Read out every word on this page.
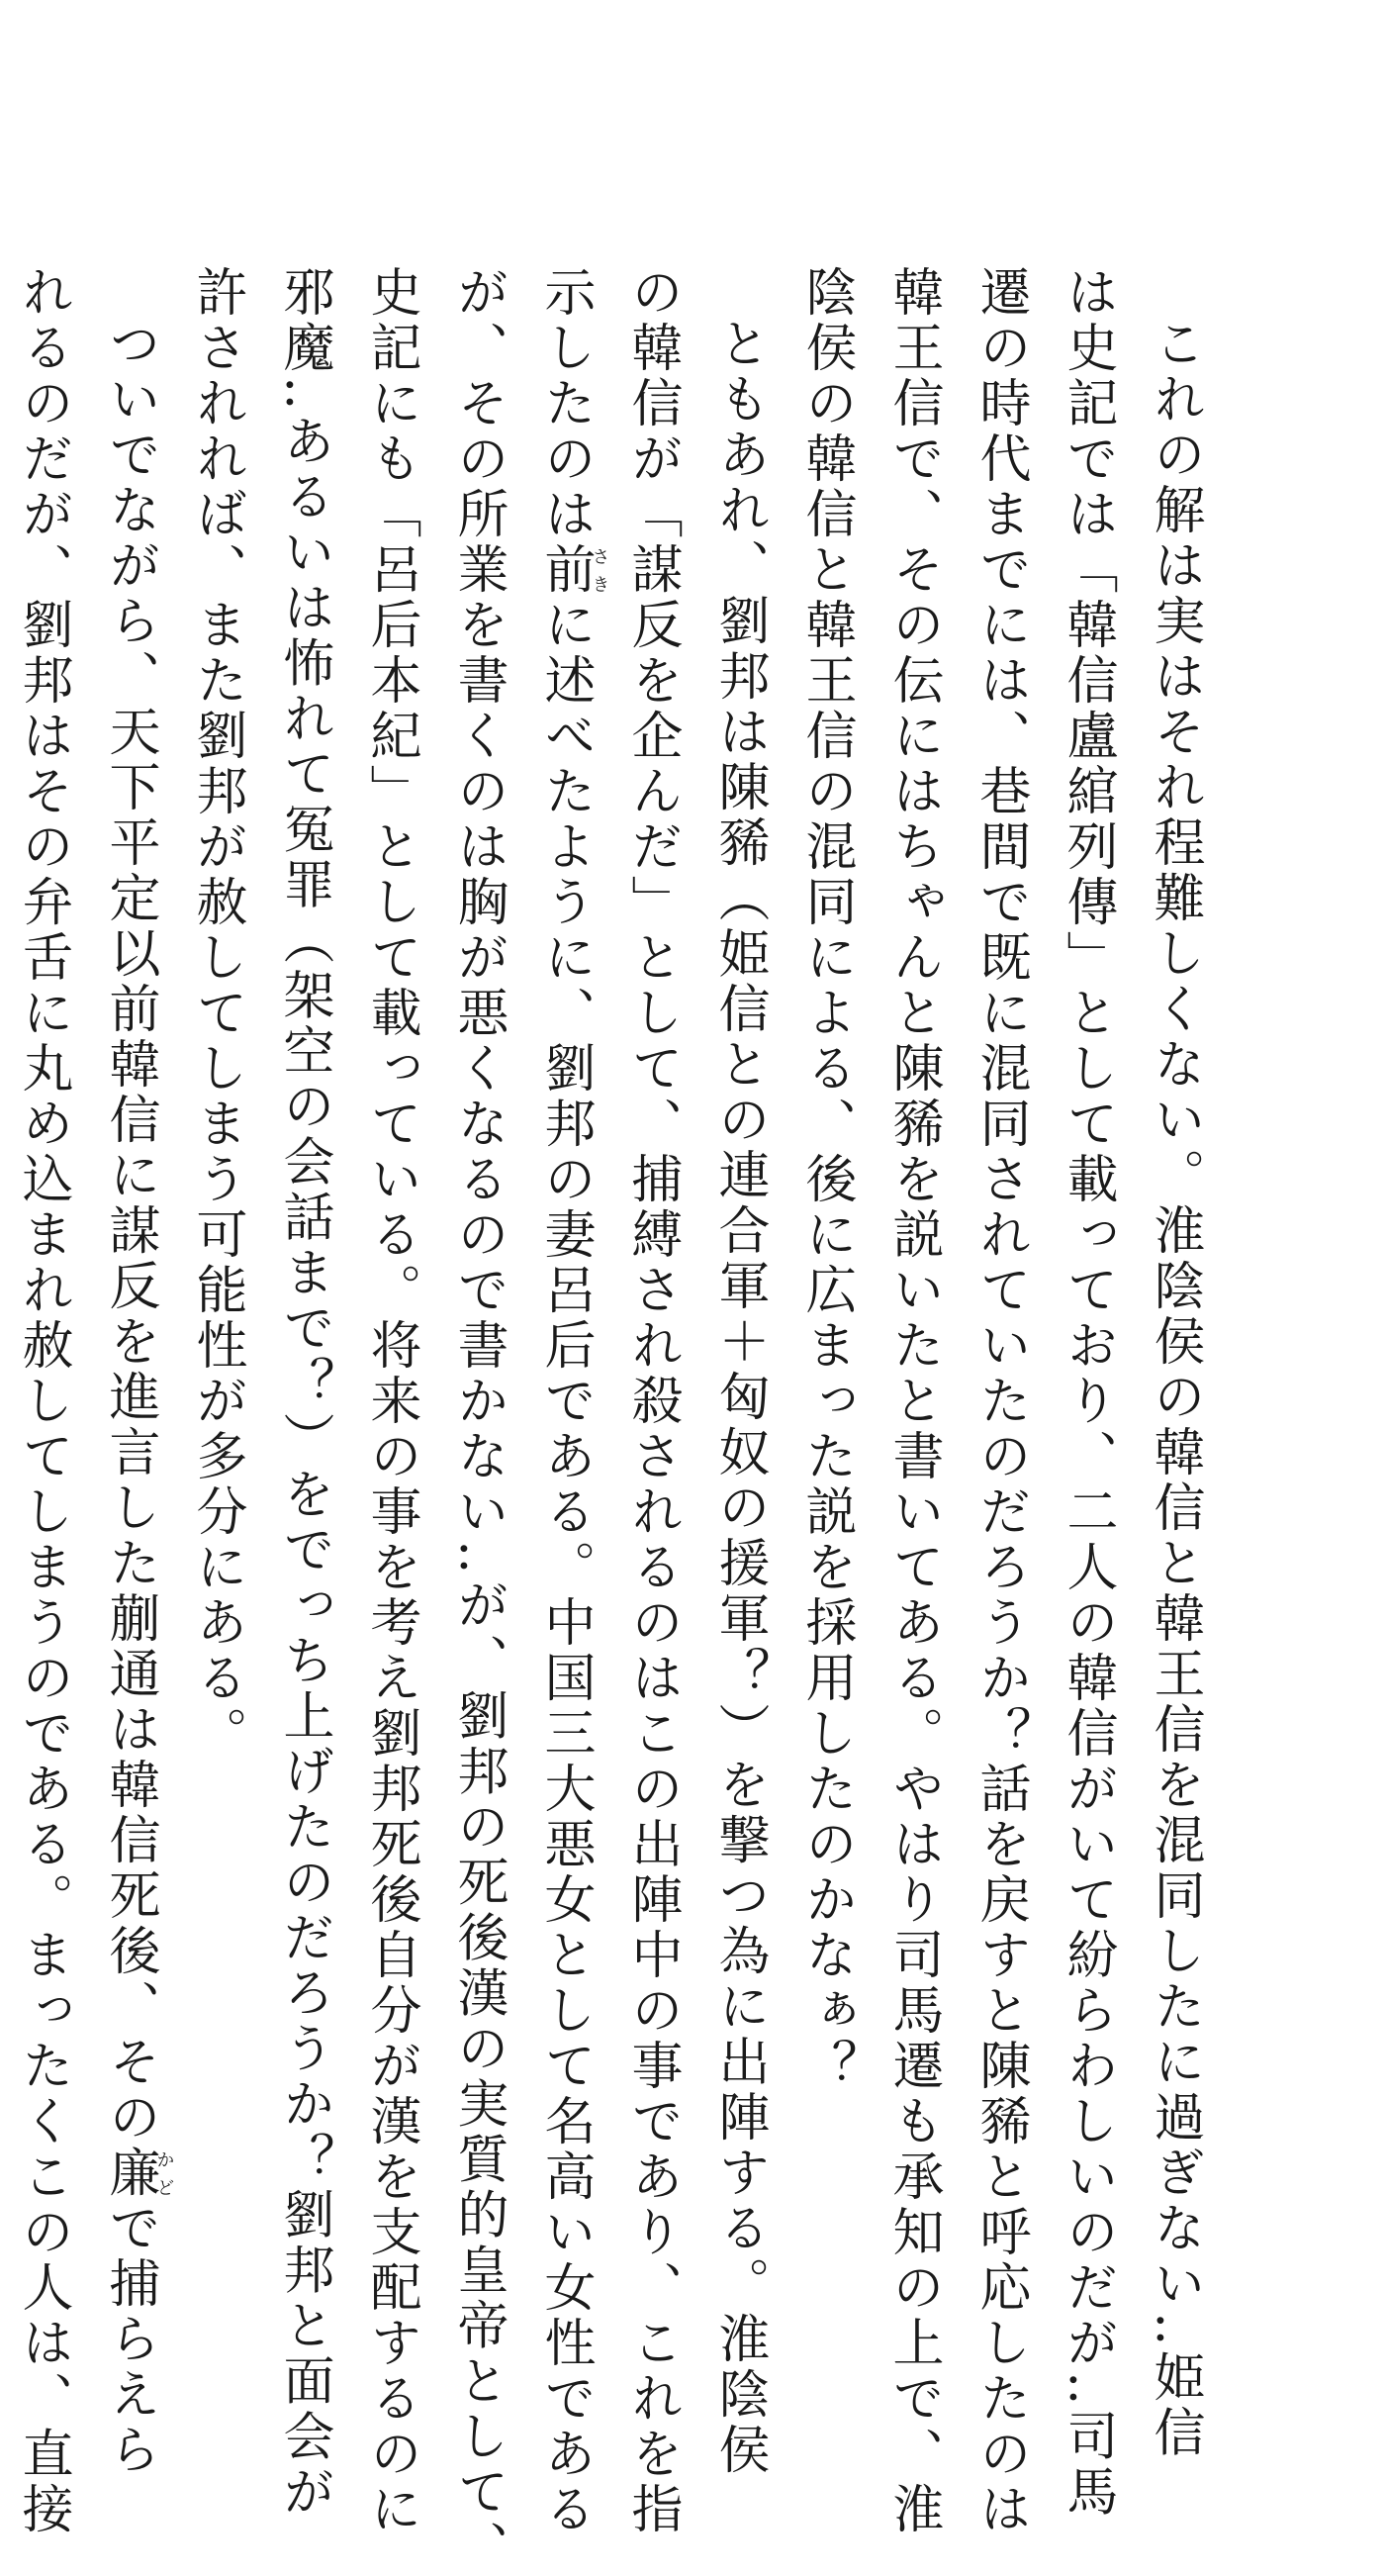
これの解は実はそれ程難しくない。淮陰侯の韓信と韓王信を混同したに過ぎない‥姫信
は史記では「韓信盧綰列傳」として載っており、二人の韓信がいて紛らわしいのだが‥司馬
遷の時代までには、巷間で既に混同されていたのだろうか？話を戻すと陳豨と呼応したのは
韓王信で、その伝にはちゃんと陳豨を説いたと書いてある。やはり司馬遷も承知の上で、淮
陰侯の韓信と韓王信の混同による、後に広まった説を採用したのかなぁ？
ともあれ、劉邦は陳豨（姫信との連合軍＋匈奴の援軍？）を撃つ為に出陣する。淮陰侯
の韓信が「謀反を企んだ」として、捕縛され殺されるのはこの出陣中の事であり、これを指
示したのは前さきに述べたように、劉邦の妻呂后である。中国三大悪女として名高い女性である
が、その所業を書くのは胸が悪くなるので書かない‥が、劉邦の死後漢の実質的皇帝として、
史記にも「呂后本紀」として載っている。将来の事を考え劉邦死後自分が漢を支配するのに
邪魔‥あるいは怖れて冤罪（架空の会話まで？）をでっち上げたのだろうか？劉邦と面会が
許されれば、また劉邦が赦してしまう可能性が多分にある。
ついでながら、天下平定以前韓信に謀反を進言した蒯通は韓信死後、その廉かどで捕らえら
れるのだが、劉邦はその弁舌に丸め込まれ赦してしまうのである。まったくこの人は、直接
